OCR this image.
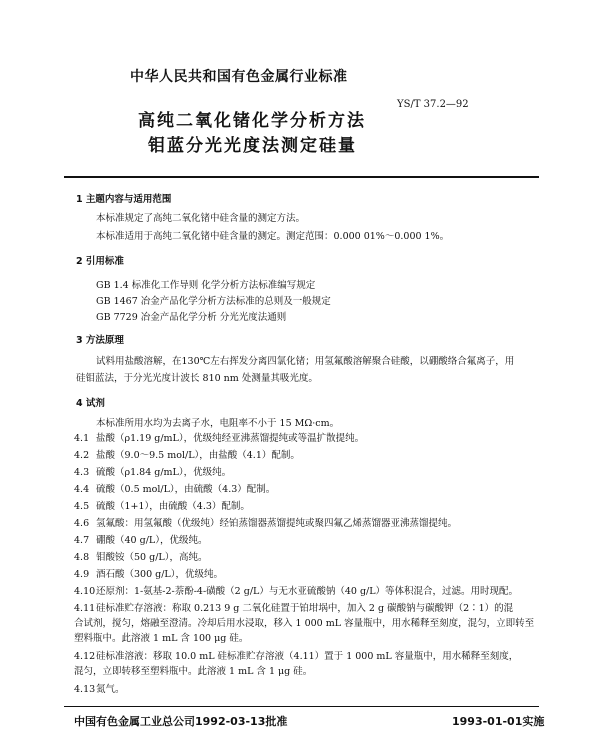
中华人民共和国有色金属行业标准
高纯二氧化锗化学分析方法
钼蓝分光光度法测定硅量
YS/T 37.2—92
1 主题内容与适用范围
本标准规定了高纯二氧化锗中硅含量的测定方法。
本标准适用于高纯二氧化锗中硅含量的测定。测定范围：0.000 01%～0.000 1%。
2 引用标准
GB 1.4 标准化工作导则 化学分析方法标准编写规定
GB 1467 冶金产品化学分析方法标准的总则及一般规定
GB 7729 冶金产品化学分析 分光光度法通则
3 方法原理
试料用盐酸溶解，在130℃左右挥发分离四氯化锗；用氢氟酸溶解聚合硅酸，以硼酸络合氟离子，用
硅钼蓝法，于分光光度计波长 810 nm 处测量其吸光度。
4 试剂
本标准所用水均为去离子水，电阻率不小于 15 MΩ·cm。
4.1 盐酸（ρ1.19 g/mL），优级纯经亚沸蒸馏提纯或等温扩散提纯。
4.2 盐酸（9.0～9.5 mol/L），由盐酸（4.1）配制。
4.3 硫酸（ρ1.84 g/mL），优级纯。
4.4 硫酸（0.5 mol/L），由硫酸（4.3）配制。
4.5 硫酸（1+1），由硫酸（4.3）配制。
4.6 氢氟酸：用氢氟酸（优级纯）经铂蒸馏器蒸馏提纯或聚四氟乙烯蒸馏器亚沸蒸馏提纯。
4.7 硼酸（40 g/L），优级纯。
4.8 钼酸铵（50 g/L），高纯。
4.9 酒石酸（300 g/L），优级纯。
4.10还原剂：1-氨基-2-萘酚-4-磺酸（2 g/L）与无水亚硫酸钠（40 g/L）等体积混合，过滤。用时现配。
4.11硅标准贮存溶液：称取 0.213 9 g 二氧化硅置于铂坩埚中，加入 2 g 碳酸钠与碳酸钾（2∶1）的混
合试剂，搅匀，熔融至澄清。冷却后用水浸取，移入 1 000 mL 容量瓶中，用水稀释至刻度，混匀，立即转至
塑料瓶中。此溶液 1 mL 含 100 μg 硅。
4.12硅标准溶液：移取 10.0 mL 硅标准贮存溶液（4.11）置于 1 000 mL 容量瓶中，用水稀释至刻度，
混匀，立即转移至塑料瓶中。此溶液 1 mL 含 1 μg 硅。
4.13氮气。
中国有色金属工业总公司1992-03-13批准	1993-01-01实施
